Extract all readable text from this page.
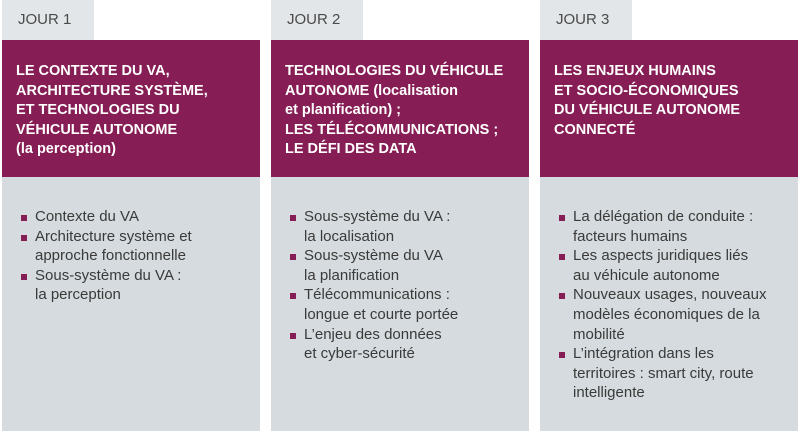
JOUR 1
LE CONTEXTE DU VA,
ARCHITECTURE SYSTÈME,
ET TECHNOLOGIES DU
VÉHICULE AUTONOME
(la perception)
Contexte du VA
Architecture système et
approche fonctionnelle
Sous-système du VA :
la perception
JOUR 2
TECHNOLOGIES DU VÉHICULE
AUTONOME (localisation
et planification) ;
LES TÉLÉCOMMUNICATIONS ;
LE DÉFI DES DATA
Sous-système du VA :
la localisation
Sous-système du VA
la planification
Télécommunications :
longue et courte portée
L’enjeu des données
et cyber-sécurité
JOUR 3
LES ENJEUX HUMAINS
ET SOCIO-ÉCONOMIQUES
DU VÉHICULE AUTONOME
CONNECTÉ
La délégation de conduite :
facteurs humains
Les aspects juridiques liés
au véhicule autonome
Nouveaux usages, nouveaux
modèles économiques de la
mobilité
L’intégration dans les
territoires : smart city, route
intelligente
